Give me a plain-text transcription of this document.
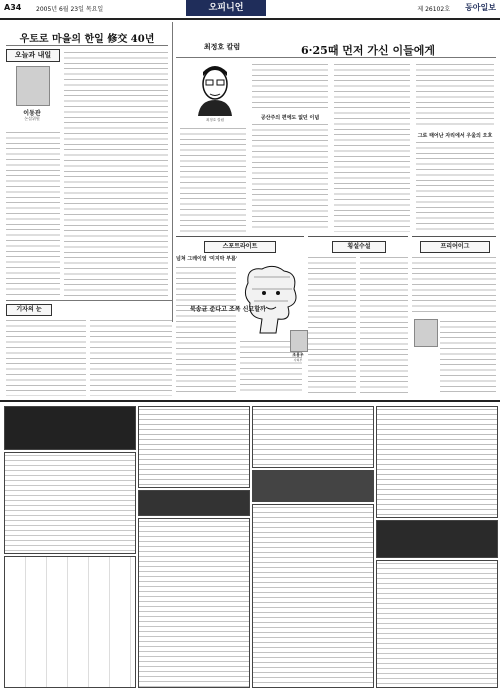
A34 2005년 6월 23일 목요일	오피니언	제 26102호 동아일보
우토로 마을의 한일 修交 40년
오늘과 내일
이동관
논설위원
최정호 칼럼	6·25때 먼저 가신 이들에게
최정호 칼럼	공산주의 편에도 없던 이념
그로 태어난 자리에서 우울의 오흐
스포트라이트
넘쳐 그레이엄 '미지막 부름'
횡설수설	프리어이그
기자의 눈	북송균 준다고 조폭 신고할까
조용우
사회부
